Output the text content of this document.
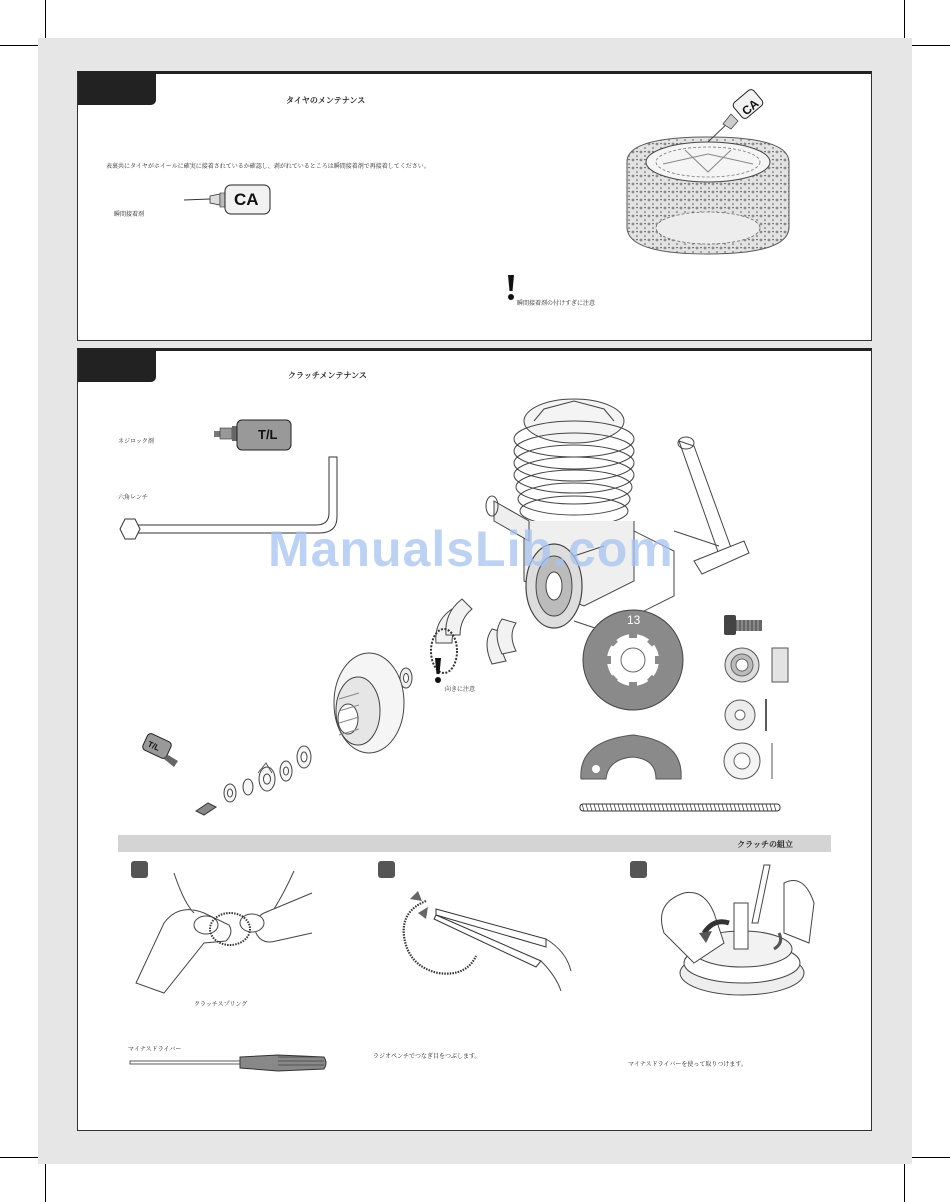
タイヤのメンテナンス
表裏共にタイヤがホイールに確実に接着されているか確認し、剥がれているところは瞬間接着剤で再接着してください。
CA
瞬間接着剤
瞬間接着剤の付けすぎに注意
CA
クラッチメンテナンス
T/L
ネジロック剤
六角レンチ
T/L
向きに注意
13
クラッチの組立
クラッチスプリング
マイナスドライバー
ラジオペンチでつなぎ目をつぶします。
マイナスドライバーを使って取りつけます。
ManualsLib.com
